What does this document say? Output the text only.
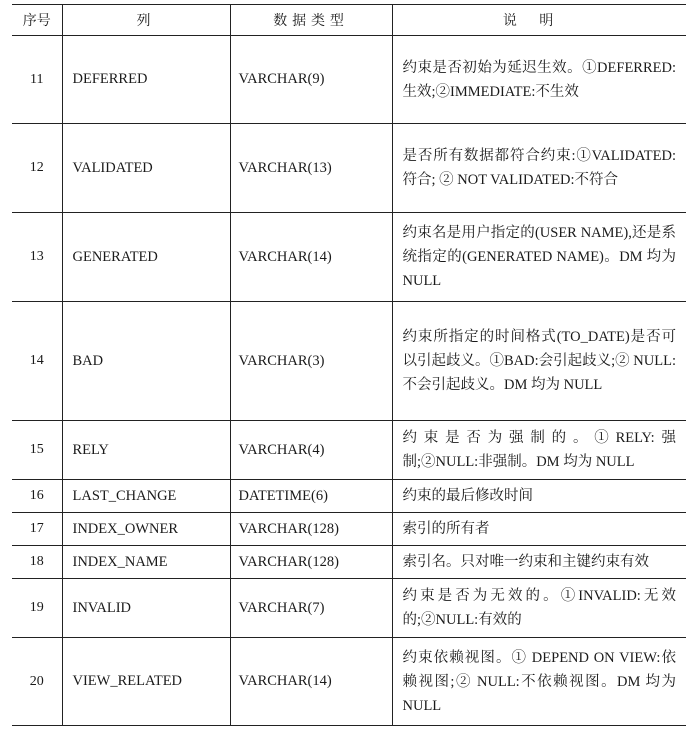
序号	列	数据类型	说明
11	DEFERRED	VARCHAR(9)	约束是否初始为延迟生效。①DEFERRED:生效;②IMMEDIATE:不生效
12	VALIDATED	VARCHAR(13)	是否所有数据都符合约束:①VALIDATED: 符合; ② NOT VALIDATED:不符合
13	GENERATED	VARCHAR(14)	约束名是用户指定的(USER NAME),还是系统指定的(GENERATED NAME)。DM 均为 NULL
14	BAD	VARCHAR(3)	约束所指定的时间格式(TO_DATE)是否可以引起歧义。①BAD:会引起歧义;② NULL:不会引起歧义。DM 均为 NULL
15	RELY	VARCHAR(4)	约束是否为强制的。①RELY:强制;②NULL:非强制。DM 均为 NULL
16	LAST_CHANGE	DATETIME(6)	约束的最后修改时间
17	INDEX_OWNER	VARCHAR(128)	索引的所有者
18	INDEX_NAME	VARCHAR(128)	索引名。只对唯一约束和主键约束有效
19	INVALID	VARCHAR(7)	约束是否为无效的。①INVALID:无效的;②NULL:有效的
20	VIEW_RELATED	VARCHAR(14)	约束依赖视图。① DEPEND ON VIEW:依赖视图;② NULL:不依赖视图。DM 均为 NULL
